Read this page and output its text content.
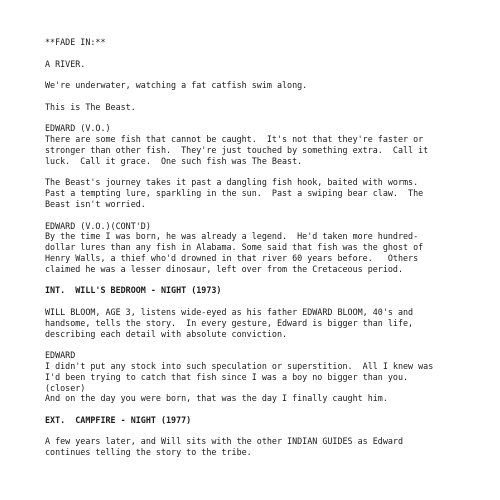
**FADE IN:**
A RIVER.
We're underwater, watching a fat catfish swim along.
This is The Beast.
EDWARD (V.O.)
There are some fish that cannot be caught.  It's not that they're faster or
stronger than other fish.  They're just touched by something extra.  Call it
luck.  Call it grace.  One such fish was The Beast.
The Beast's journey takes it past a dangling fish hook, baited with worms.
Past a tempting lure, sparkling in the sun.  Past a swiping bear claw.  The
Beast isn't worried.
EDWARD (V.O.)(CONT'D)
By the time I was born, he was already a legend.  He'd taken more hundred-
dollar lures than any fish in Alabama. Some said that fish was the ghost of
Henry Walls, a thief who'd drowned in that river 60 years before.   Others
claimed he was a lesser dinosaur, left over from the Cretaceous period.
INT.  WILL'S BEDROOM - NIGHT (1973)
WILL BLOOM, AGE 3, listens wide-eyed as his father EDWARD BLOOM, 40's and
handsome, tells the story.  In every gesture, Edward is bigger than life,
describing each detail with absolute conviction.
EDWARD
I didn't put any stock into such speculation or superstition.  All I knew was
I'd been trying to catch that fish since I was a boy no bigger than you.
(closer)
And on the day you were born, that was the day I finally caught him.
EXT.  CAMPFIRE - NIGHT (1977)
A few years later, and Will sits with the other INDIAN GUIDES as Edward
continues telling the story to the tribe.
